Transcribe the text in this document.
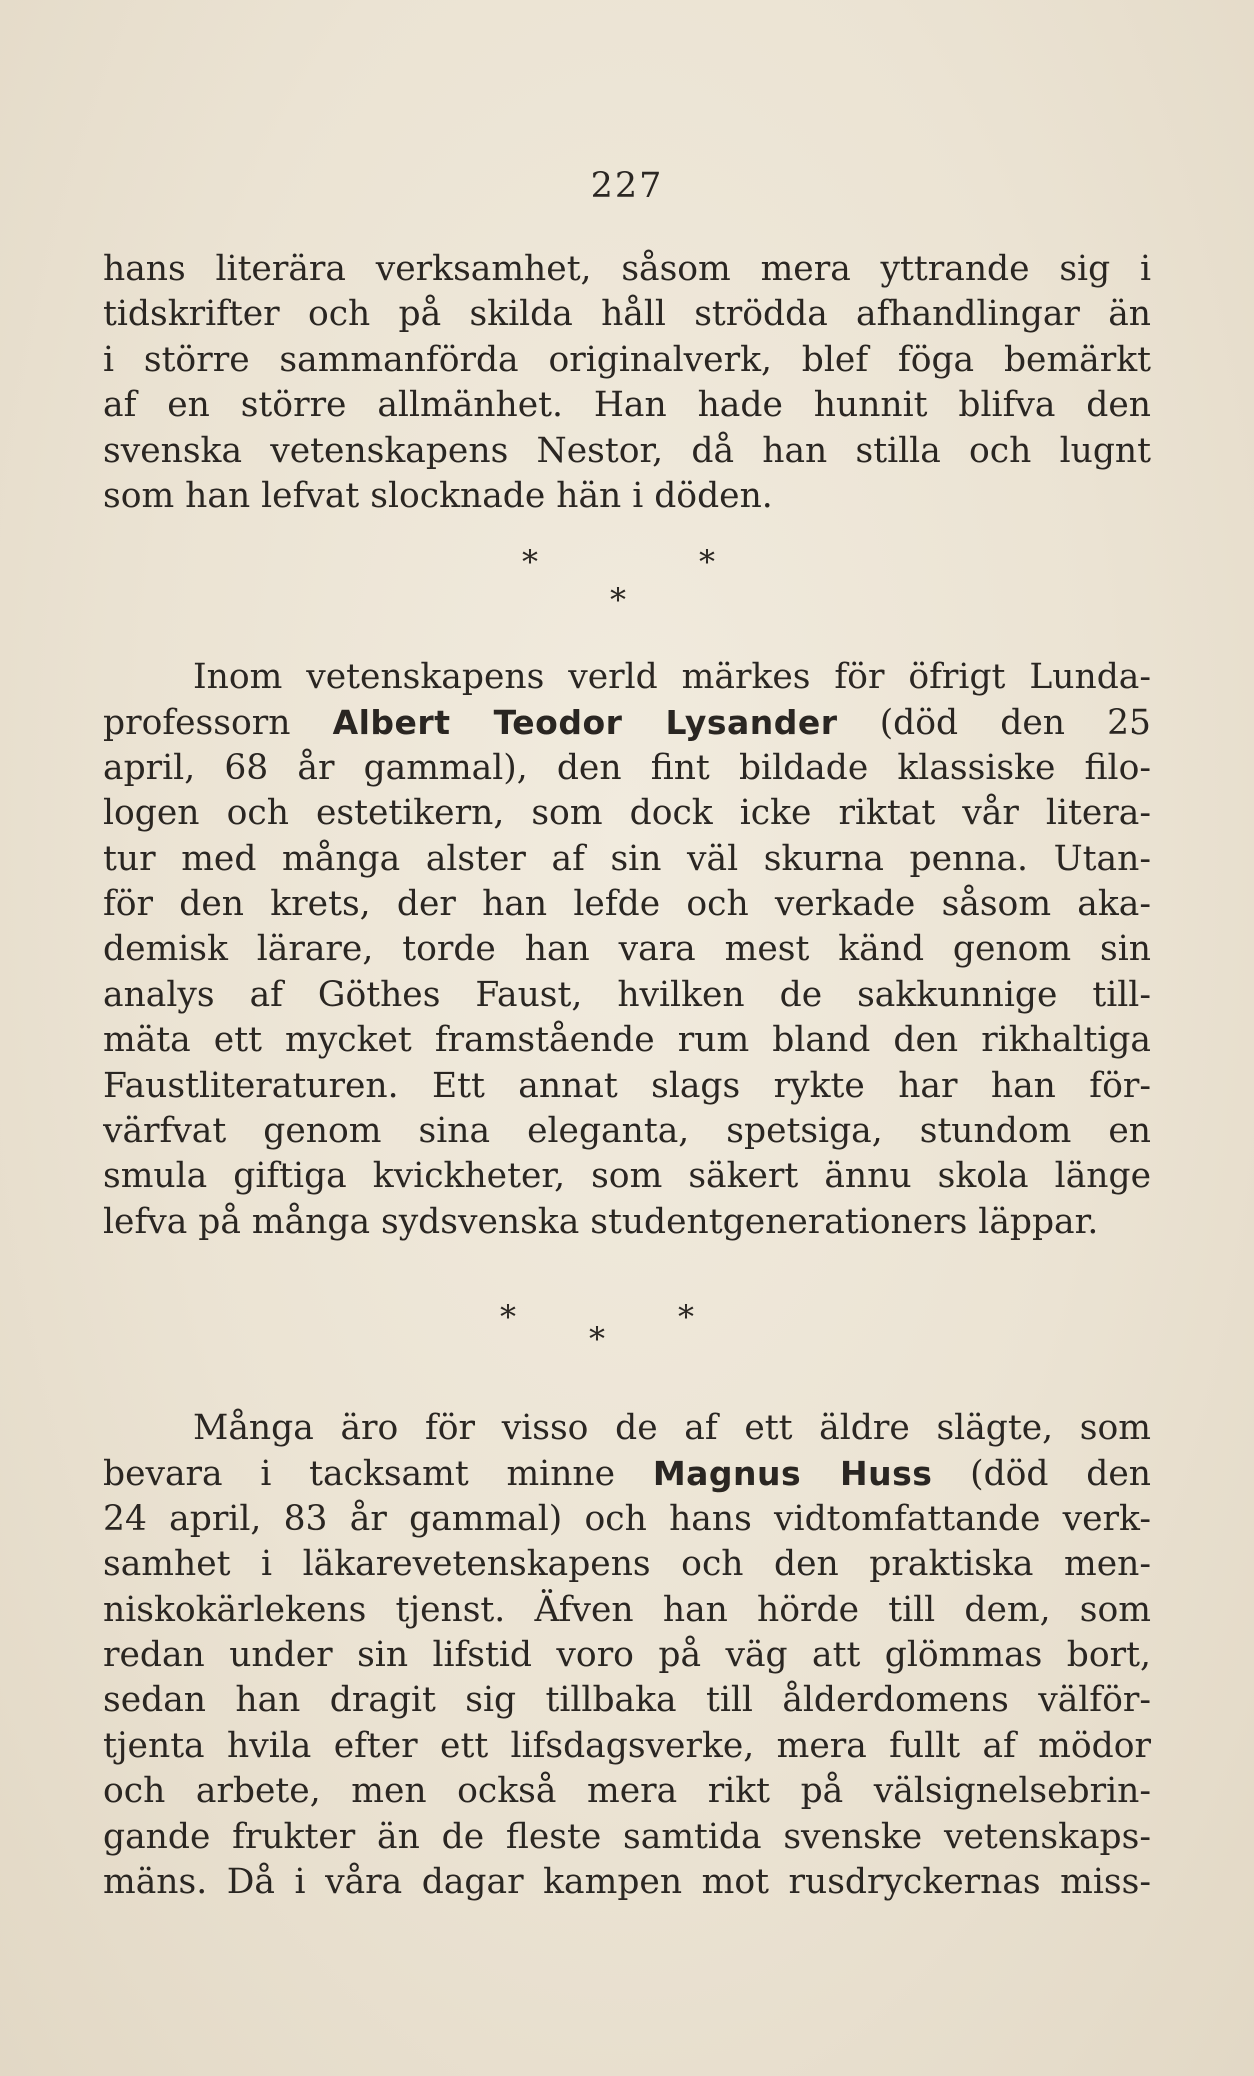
227
hans literära verksamhet, såsom mera yttrande sig i
tidskrifter och på skilda håll strödda afhandlingar än
i större sammanförda originalverk, blef föga bemärkt
af en större allmänhet. Han hade hunnit blifva den
svenska vetenskapens Nestor, då han stilla och lugnt
som han lefvat slocknade hän i döden.
*	*
*
Inom vetenskapens verld märkes för öfrigt Lunda-
professorn Albert Teodor Lysander (död den 25
april, 68 år gammal), den fint bildade klassiske filo-
logen och estetikern, som dock icke riktat vår litera-
tur med många alster af sin väl skurna penna. Utan-
för den krets, der han lefde och verkade såsom aka-
demisk lärare, torde han vara mest känd genom sin
analys af Göthes Faust, hvilken de sakkunnige till-
mäta ett mycket framstående rum bland den rikhaltiga
Faustliteraturen. Ett annat slags rykte har han för-
värfvat genom sina eleganta, spetsiga, stundom en
smula giftiga kvickheter, som säkert ännu skola länge
lefva på många sydsvenska studentgenerationers läppar.
*	*
*
Många äro för visso de af ett äldre slägte, som
bevara i tacksamt minne Magnus Huss (död den
24 april, 83 år gammal) och hans vidtomfattande verk-
samhet i läkarevetenskapens och den praktiska men-
niskokärlekens tjenst. Äfven han hörde till dem, som
redan under sin lifstid voro på väg att glömmas bort,
sedan han dragit sig tillbaka till ålderdomens välför-
tjenta hvila efter ett lifsdagsverke, mera fullt af mödor
och arbete, men också mera rikt på välsignelsebrin-
gande frukter än de fleste samtida svenske vetenskaps-
mäns. Då i våra dagar kampen mot rusdryckernas miss-
